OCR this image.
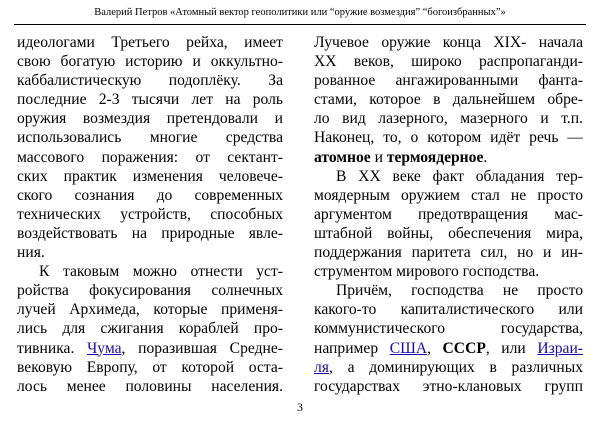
Валерий Петров «Атомный вектор геополитики или “оружие возмездия” “богоизбранных”»
идеологами Третьего рейха, имеет
свою богатую историю и оккультно-
каббалистическую подоплёку. За
последние 2-3 тысячи лет на роль
оружия возмездия претендовали и
использовались многие средства
массового поражения: от сектант-
ских практик изменения человече-
ского сознания до современных
технических устройств, способных
воздействовать на природные явле-
ния.
К таковым можно отнести уст-
ройства фокусирования солнечных
лучей Архимеда, которые применя-
лись для сжигания кораблей про-
тивника. Чума, поразившая Средне-
вековую Европу, от которой оста-
лось менее половины населения.
Лучевое оружие конца XIX- начала
XX веков, широко распропаганди-
рованное ангажированными фанта-
стами, которое в дальнейшем обре-
ло вид лазерного, мазерного и т.п.
Наконец, то, о котором идёт речь —
атомное и термоядерное.
В XX веке факт обладания тер-
моядерным оружием стал не просто
аргументом предотвращения мас-
штабной войны, обеспечения мира,
поддержания паритета сил, но и ин-
струментом мирового господства.
Причём, господства не просто
какого-то капиталистического или
коммунистического государства,
например США, СССР, или Израи-
ля, а доминирующих в различных
государствах этно-клановых групп
3
